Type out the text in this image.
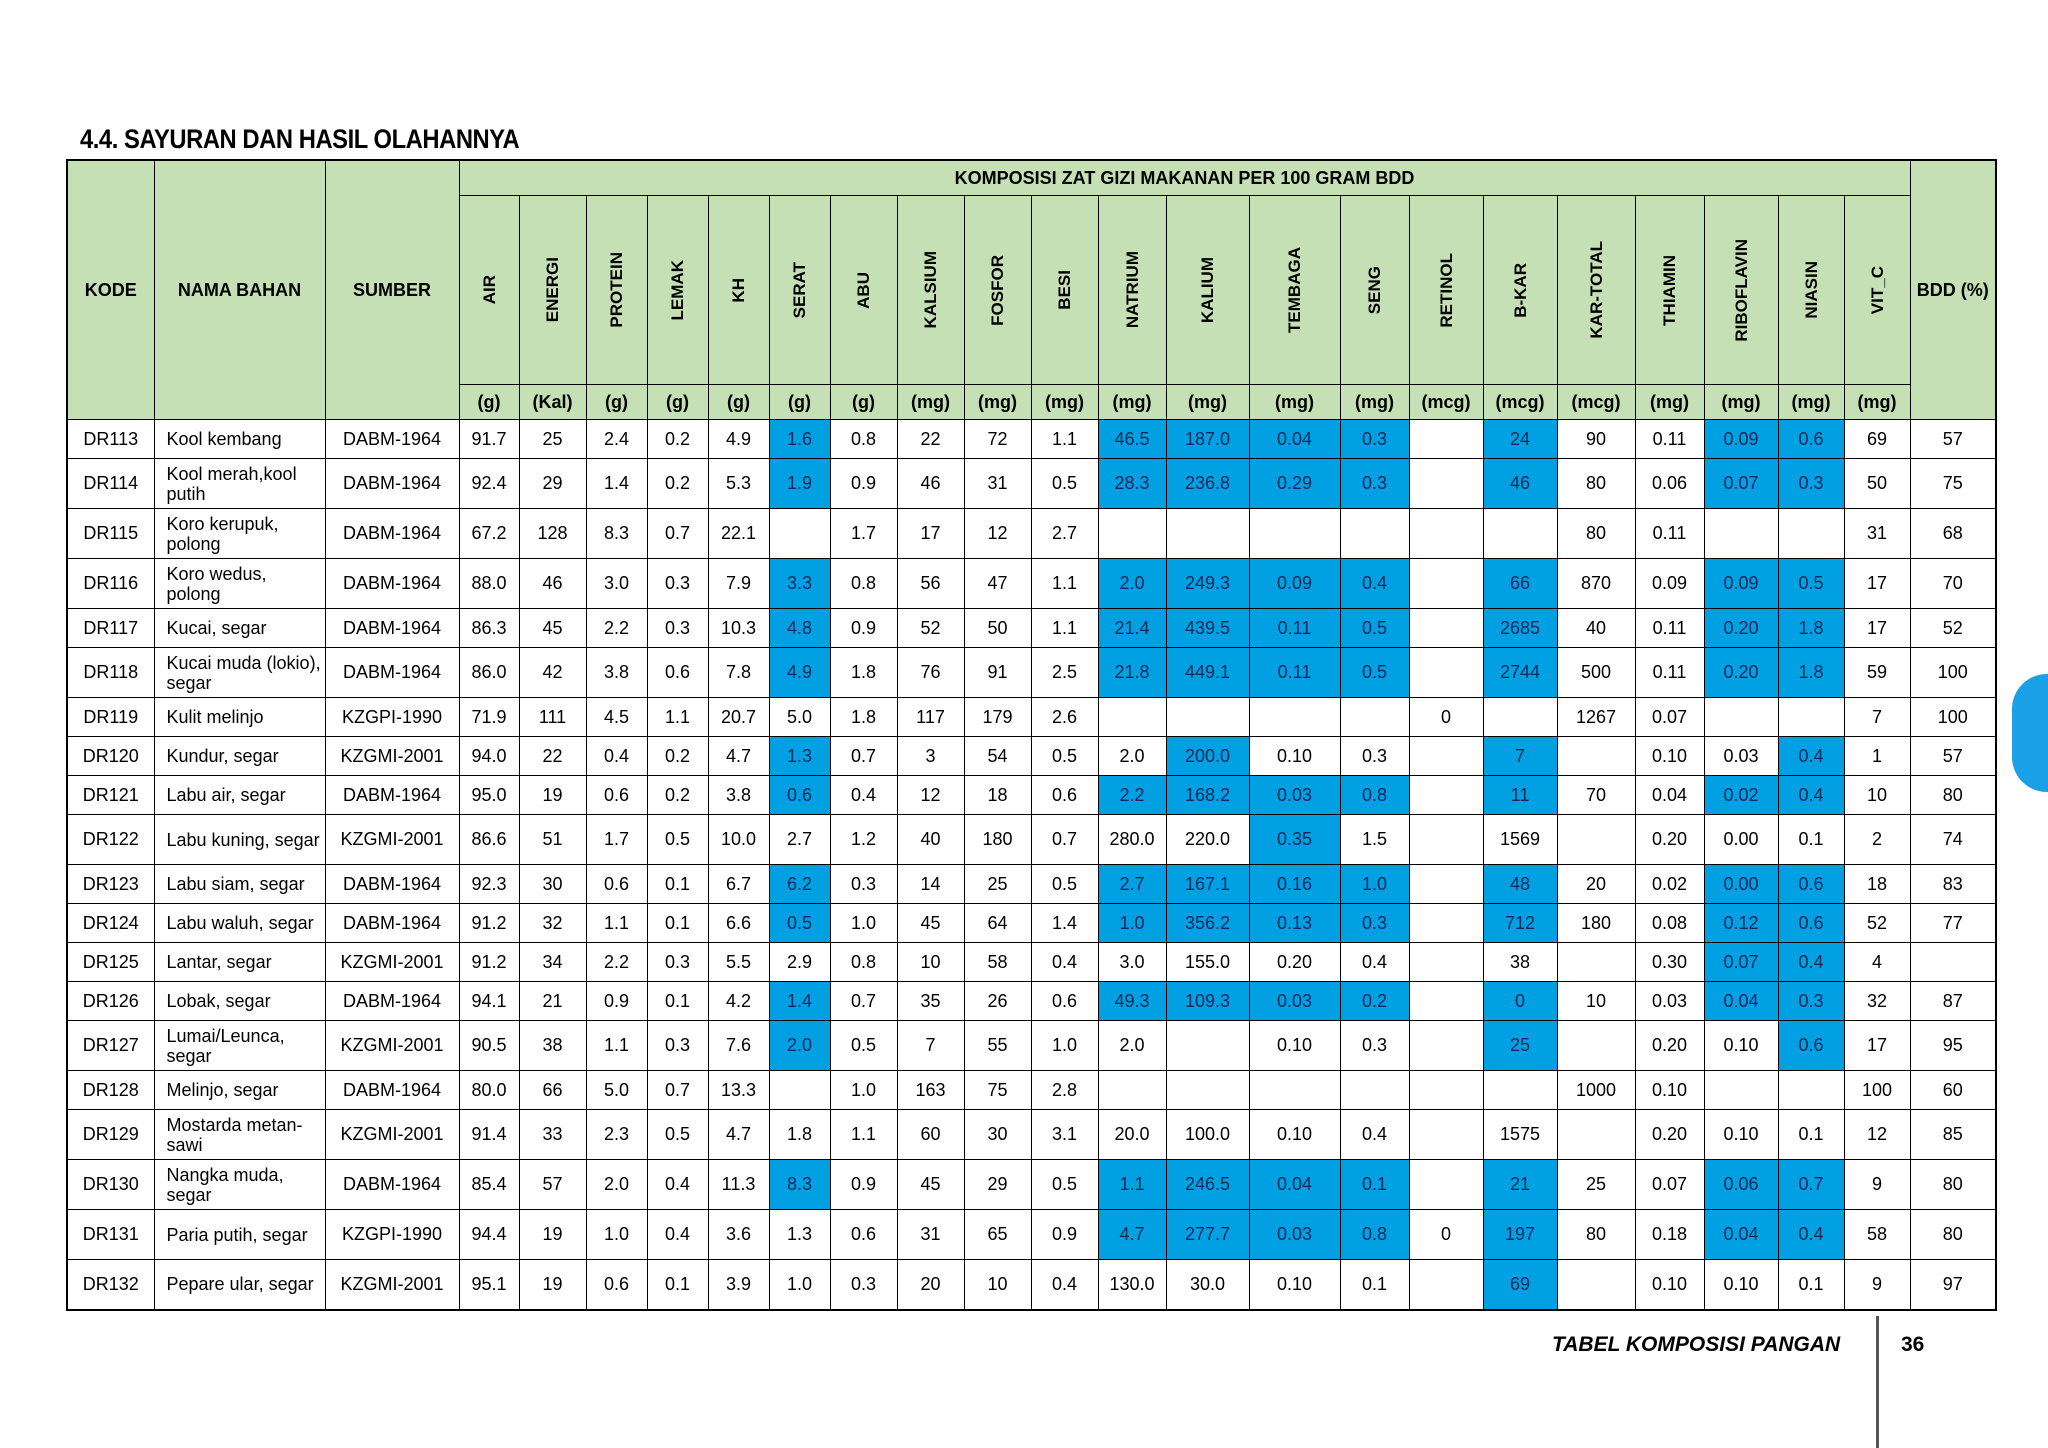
4.4. SAYURAN DAN HASIL OLAHANNYA
KODE	NAMA BAHAN	SUMBER	KOMPOSISI ZAT GIZI MAKANAN PER 100 GRAM BDD																					BDD (%)

			AIR	ENERGI	PROTEIN	LEMAK	KH	SERAT	ABU	KALSIUM	FOSFOR	BESI	NATRIUM	KALIUM	TEMBAGA	SENG	RETINOL	B-KAR	KAR-TOTAL	THIAMIN	RIBOFLAVIN	NIASIN	VIT_C	

			(g)	(Kal)	(g)	(g)	(g)	(g)	(g)	(mg)	(mg)	(mg)	(mg)	(mg)	(mg)	(mg)	(mcg)	(mcg)	(mcg)	(mg)	(mg)	(mg)	(mg)	
DR113	Kool kembang	DABM-1964	91.7	25	2.4	0.2	4.9	1.6	0.8	22	72	1.1	46.5	187.0	0.04	0.3		24	90	0.11	0.09	0.6	69	57
DR114	Kool merah,kool putih	DABM-1964	92.4	29	1.4	0.2	5.3	1.9	0.9	46	31	0.5	28.3	236.8	0.29	0.3		46	80	0.06	0.07	0.3	50	75
DR115	Koro kerupuk, polong	DABM-1964	67.2	128	8.3	0.7	22.1		1.7	17	12	2.7							80	0.11			31	68
DR116	Koro wedus, polong	DABM-1964	88.0	46	3.0	0.3	7.9	3.3	0.8	56	47	1.1	2.0	249.3	0.09	0.4		66	870	0.09	0.09	0.5	17	70
DR117	Kucai, segar	DABM-1964	86.3	45	2.2	0.3	10.3	4.8	0.9	52	50	1.1	21.4	439.5	0.11	0.5		2685	40	0.11	0.20	1.8	17	52
DR118	Kucai muda (lokio), segar	DABM-1964	86.0	42	3.8	0.6	7.8	4.9	1.8	76	91	2.5	21.8	449.1	0.11	0.5		2744	500	0.11	0.20	1.8	59	100
DR119	Kulit melinjo	KZGPI-1990	71.9	111	4.5	1.1	20.7	5.0	1.8	117	179	2.6					0		1267	0.07			7	100
DR120	Kundur, segar	KZGMI-2001	94.0	22	0.4	0.2	4.7	1.3	0.7	3	54	0.5	2.0	200.0	0.10	0.3		7		0.10	0.03	0.4	1	57
DR121	Labu air, segar	DABM-1964	95.0	19	0.6	0.2	3.8	0.6	0.4	12	18	0.6	2.2	168.2	0.03	0.8		11	70	0.04	0.02	0.4	10	80
DR122	Labu kuning, segar	KZGMI-2001	86.6	51	1.7	0.5	10.0	2.7	1.2	40	180	0.7	280.0	220.0	0.35	1.5		1569		0.20	0.00	0.1	2	74
DR123	Labu siam, segar	DABM-1964	92.3	30	0.6	0.1	6.7	6.2	0.3	14	25	0.5	2.7	167.1	0.16	1.0		48	20	0.02	0.00	0.6	18	83
DR124	Labu waluh, segar	DABM-1964	91.2	32	1.1	0.1	6.6	0.5	1.0	45	64	1.4	1.0	356.2	0.13	0.3		712	180	0.08	0.12	0.6	52	77
DR125	Lantar, segar	KZGMI-2001	91.2	34	2.2	0.3	5.5	2.9	0.8	10	58	0.4	3.0	155.0	0.20	0.4		38		0.30	0.07	0.4	4	
DR126	Lobak, segar	DABM-1964	94.1	21	0.9	0.1	4.2	1.4	0.7	35	26	0.6	49.3	109.3	0.03	0.2		0	10	0.03	0.04	0.3	32	87
DR127	Lumai/Leunca, segar	KZGMI-2001	90.5	38	1.1	0.3	7.6	2.0	0.5	7	55	1.0	2.0		0.10	0.3		25		0.20	0.10	0.6	17	95
DR128	Melinjo, segar	DABM-1964	80.0	66	5.0	0.7	13.3		1.0	163	75	2.8							1000	0.10			100	60
DR129	Mostarda metan-sawi	KZGMI-2001	91.4	33	2.3	0.5	4.7	1.8	1.1	60	30	3.1	20.0	100.0	0.10	0.4		1575		0.20	0.10	0.1	12	85
DR130	Nangka muda, segar	DABM-1964	85.4	57	2.0	0.4	11.3	8.3	0.9	45	29	0.5	1.1	246.5	0.04	0.1		21	25	0.07	0.06	0.7	9	80
DR131	Paria putih, segar	KZGPI-1990	94.4	19	1.0	0.4	3.6	1.3	0.6	31	65	0.9	4.7	277.7	0.03	0.8	0	197	80	0.18	0.04	0.4	58	80
DR132	Pepare ular, segar	KZGMI-2001	95.1	19	0.6	0.1	3.9	1.0	0.3	20	10	0.4	130.0	30.0	0.10	0.1		69		0.10	0.10	0.1	9	97
TABEL KOMPOSISI PANGAN	36
